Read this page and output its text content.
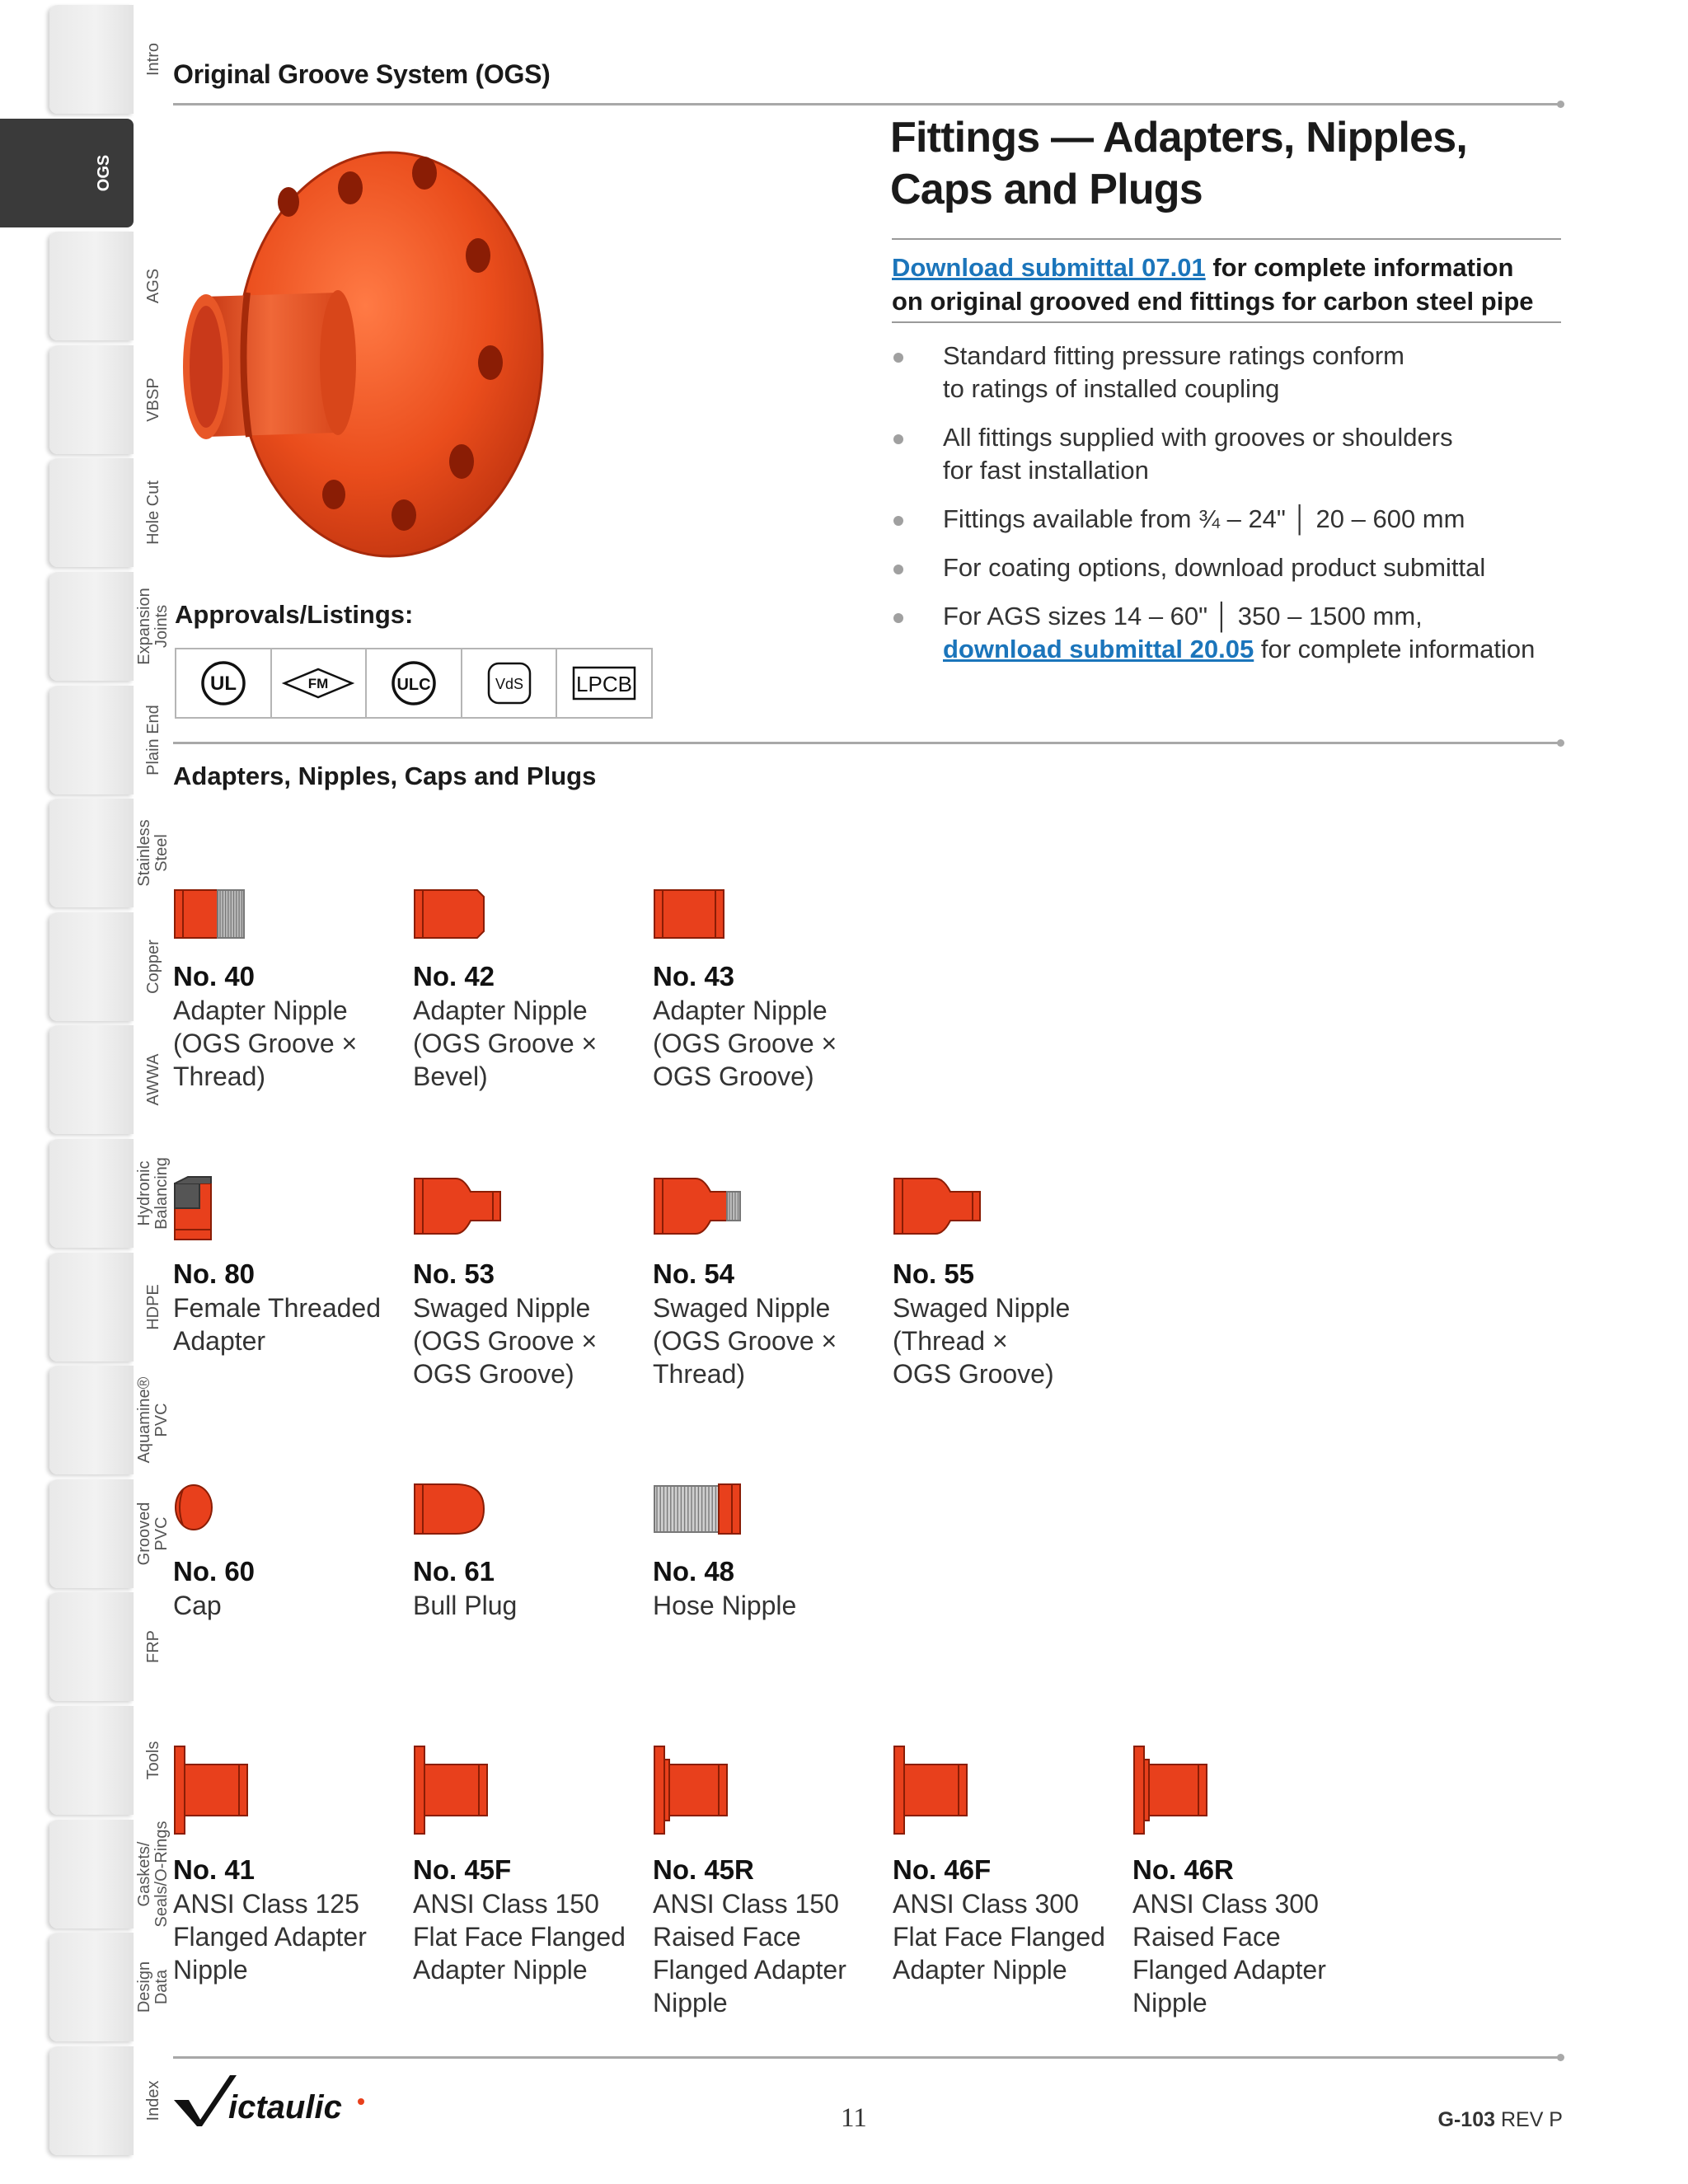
Intro
OGS
AGS
VBSP
Hole Cut
Expansion
Joints
Plain End
Stainless
Steel
Copper
AWWA
Hydronic
Balancing
HDPE
Aquamine®
PVC
Grooved
PVC
FRP
Tools
Gaskets/
Seals/O-Rings
Design
Data
Index
Original Groove System (OGS)
Fittings — Adapters, Nipples,
Caps and Plugs
Download submittal 07.01 for complete information
on original grooved end fittings for carbon steel pipe
Standard fitting pressure ratings conform
to ratings of installed coupling
All fittings supplied with grooves or shoulders
for fast installation
Fittings available from ¾ – 24" │ 20 – 600 mm
For coating options, download product submittal
For AGS sizes 14 – 60" │ 350 – 1500 mm,
download submittal 20.05 for complete information
Approvals/Listings:
UL	FM	ULC	VdS LPCB
Adapters, Nipples, Caps and Plugs
No. 40
Adapter Nipple
(OGS Groove ×
Thread)
No. 42
Adapter Nipple
(OGS Groove ×
Bevel)
No. 43
Adapter Nipple
(OGS Groove ×
OGS Groove)
No. 80
Female Threaded
Adapter
No. 53
Swaged Nipple
(OGS Groove ×
OGS Groove)
No. 54
Swaged Nipple
(OGS Groove ×
Thread)
No. 55
Swaged Nipple
(Thread ×
OGS Groove)
No. 60
Cap
No. 61
Bull Plug
No. 48
Hose Nipple
No. 41
ANSI Class 125
Flanged Adapter
Nipple
No. 45F
ANSI Class 150
Flat Face Flanged
Adapter Nipple
No. 45R
ANSI Class 150
Raised Face
Flanged Adapter
Nipple
No. 46F
ANSI Class 300
Flat Face Flanged
Adapter Nipple
No. 46R
ANSI Class 300
Raised Face
Flanged Adapter
Nipple
ictaulic	11	G-103 REV P
